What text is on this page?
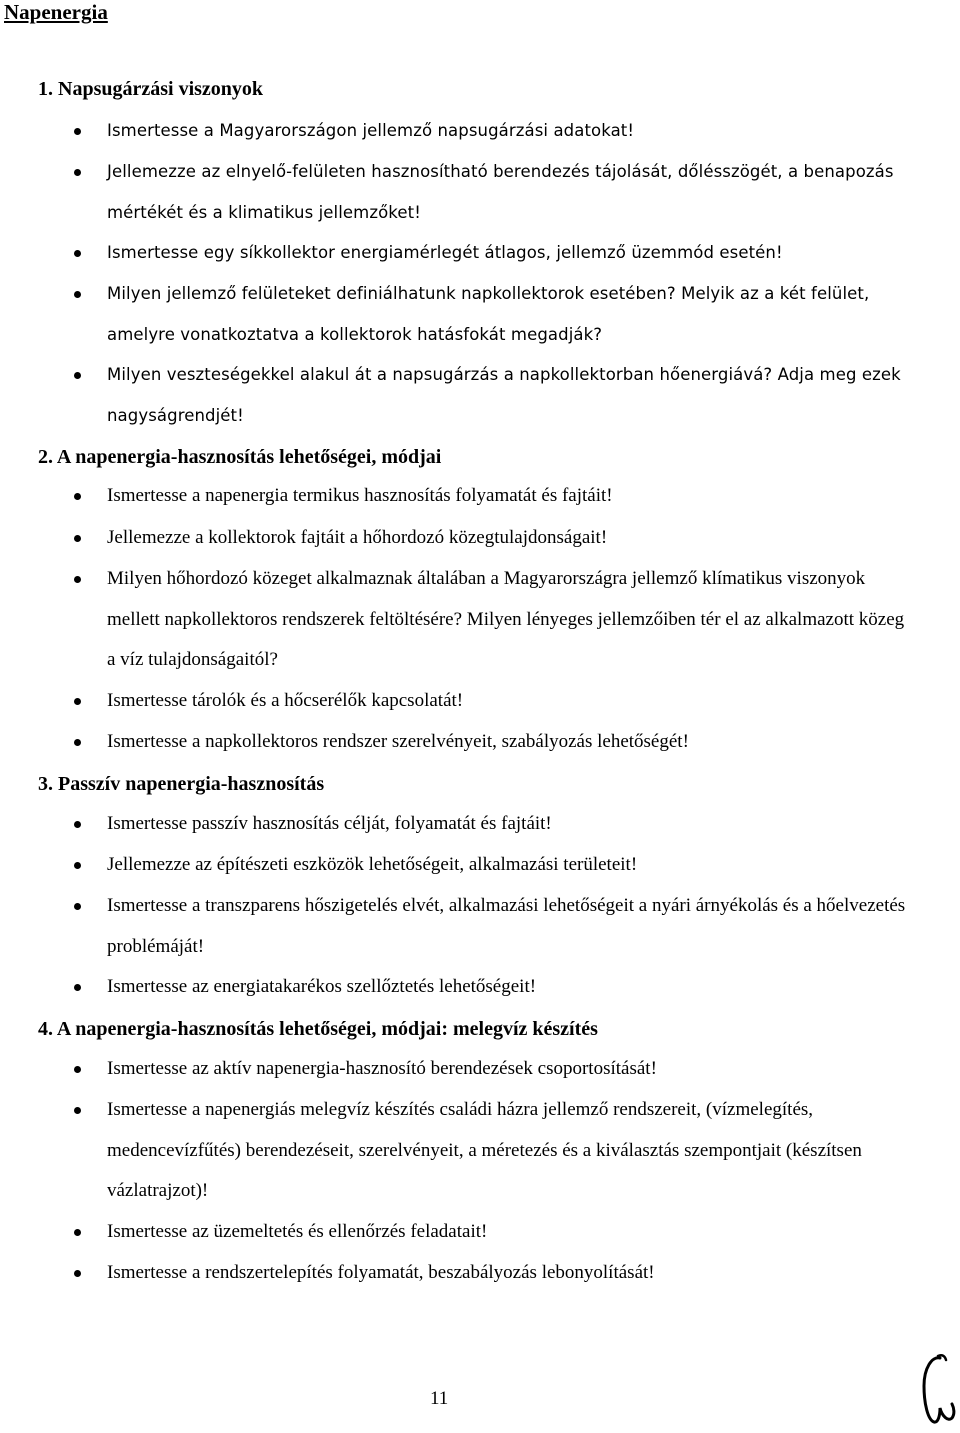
Napenergia
1. Napsugárzási viszonyok
Ismertesse a Magyarországon jellemző napsugárzási adatokat!
Jellemezze az elnyelő-felületen hasznosítható berendezés tájolását, dőlésszögét, a benapozás mértékét és a klimatikus jellemzőket!
Ismertesse egy síkkollektor energiamérlegét átlagos, jellemző üzemmód esetén!
Milyen jellemző felületeket definiálhatunk napkollektorok esetében? Melyik az a két felület, amelyre vonatkoztatva a kollektorok hatásfokát megadják?
Milyen veszteségekkel alakul át a napsugárzás a napkollektorban hőenergiává? Adja meg ezek nagyságrendjét!
2. A napenergia-hasznosítás lehetőségei, módjai
Ismertesse a napenergia termikus hasznosítás folyamatát és fajtáit!
Jellemezze a kollektorok fajtáit a hőhordozó közegtulajdonságait!
Milyen hőhordozó közeget alkalmaznak általában a Magyarországra jellemző klímatikus viszonyok mellett napkollektoros rendszerek feltöltésére? Milyen lényeges jellemzőiben tér el az alkalmazott közeg a víz tulajdonságaitól?
Ismertesse tárolók és a hőcserélők kapcsolatát!
Ismertesse a napkollektoros rendszer szerelvényeit, szabályozás lehetőségét!
3. Passzív napenergia-hasznosítás
Ismertesse passzív hasznosítás célját, folyamatát és fajtáit!
Jellemezze az építészeti eszközök lehetőségeit, alkalmazási területeit!
Ismertesse a transzparens hőszigetelés elvét, alkalmazási lehetőségeit a nyári árnyékolás és a hőelvezetés problémáját!
Ismertesse az energiatakarékos szellőztetés lehetőségeit!
4. A napenergia-hasznosítás lehetőségei, módjai: melegvíz készítés
Ismertesse az aktív napenergia-hasznosító berendezések csoportosítását!
Ismertesse a napenergiás melegvíz készítés családi házra jellemző rendszereit, (vízmelegítés, medencevízfűtés) berendezéseit, szerelvényeit, a méretezés és a kiválasztás szempontjait (készítsen vázlatrajzot)!
Ismertesse az üzemeltetés és ellenőrzés feladatait!
Ismertesse a rendszertelepítés folyamatát, beszabályozás lebonyolítását!
11
